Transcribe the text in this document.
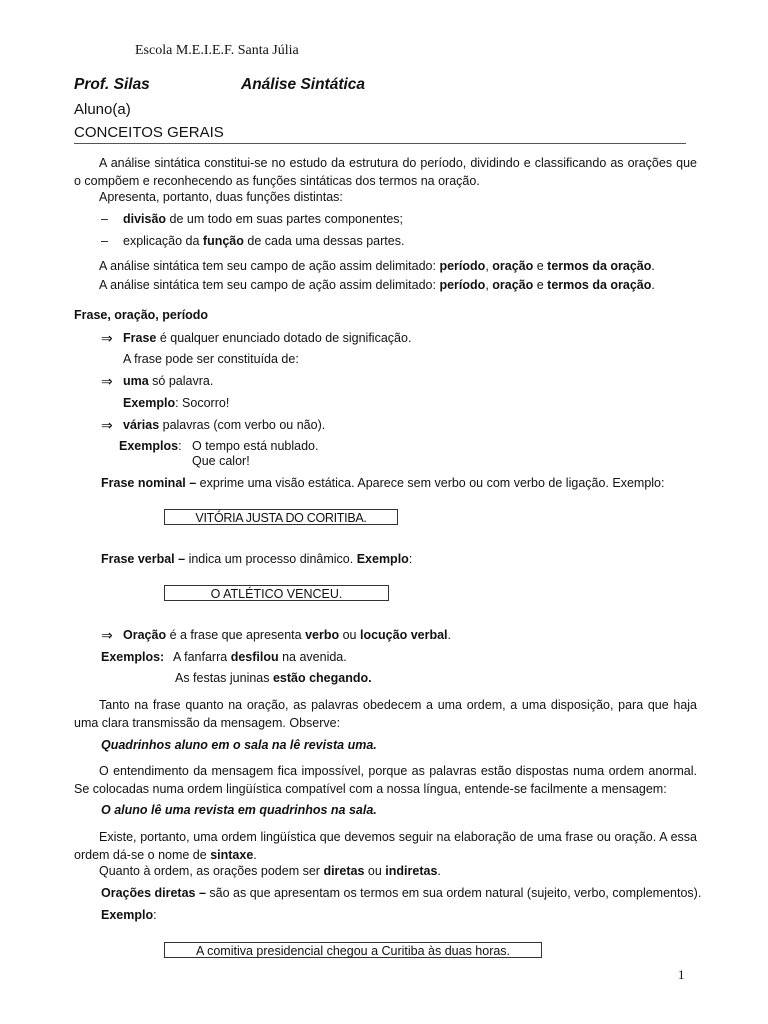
Escola M.E.I.E.F. Santa Júlia
Prof. Silas	Análise Sintática
Aluno(a)
CONCEITOS GERAIS
A análise sintática constitui-se no estudo da estrutura do período, dividindo e classificando as orações que o compõem e reconhecendo as funções sintáticas dos termos na oração.
Apresenta, portanto, duas funções distintas:
– divisão de um todo em suas partes componentes;
– explicação da função de cada uma dessas partes.
A análise sintática tem seu campo de ação assim delimitado: período, oração e termos da oração.
A análise sintática tem seu campo de ação assim delimitado: período, oração e termos da oração.
Frase, oração, período
⇒ Frase é qualquer enunciado dotado de significação.
A frase pode ser constituída de:
⇒ uma só palavra.
Exemplo: Socorro!
⇒ várias palavras (com verbo ou não).
Exemplos: O tempo está nublado.
Que calor!
Frase nominal – exprime uma visão estática. Aparece sem verbo ou com verbo de ligação. Exemplo:
VITÓRIA JUSTA DO CORITIBA.
Frase verbal – indica um processo dinâmico. Exemplo:
O ATLÉTICO VENCEU.
⇒ Oração é a frase que apresenta verbo ou locução verbal.
Exemplos: A fanfarra desfilou na avenida.
As festas juninas estão chegando.
Tanto na frase quanto na oração, as palavras obedecem a uma ordem, a uma disposição, para que haja uma clara transmissão da mensagem. Observe:
Quadrinhos aluno em o sala na lê revista uma.
O entendimento da mensagem fica impossível, porque as palavras estão dispostas numa ordem anormal. Se colocadas numa ordem lingüística compatível com a nossa língua, entende-se facilmente a mensagem:
O aluno lê uma revista em quadrinhos na sala.
Existe, portanto, uma ordem lingüística que devemos seguir na elaboração de uma frase ou oração. A essa ordem dá-se o nome de sintaxe.
Quanto à ordem, as orações podem ser diretas ou indiretas.
Orações diretas – são as que apresentam os termos em sua ordem natural (sujeito, verbo, complementos).
Exemplo:
A comitiva presidencial chegou a Curitiba às duas horas.
1
